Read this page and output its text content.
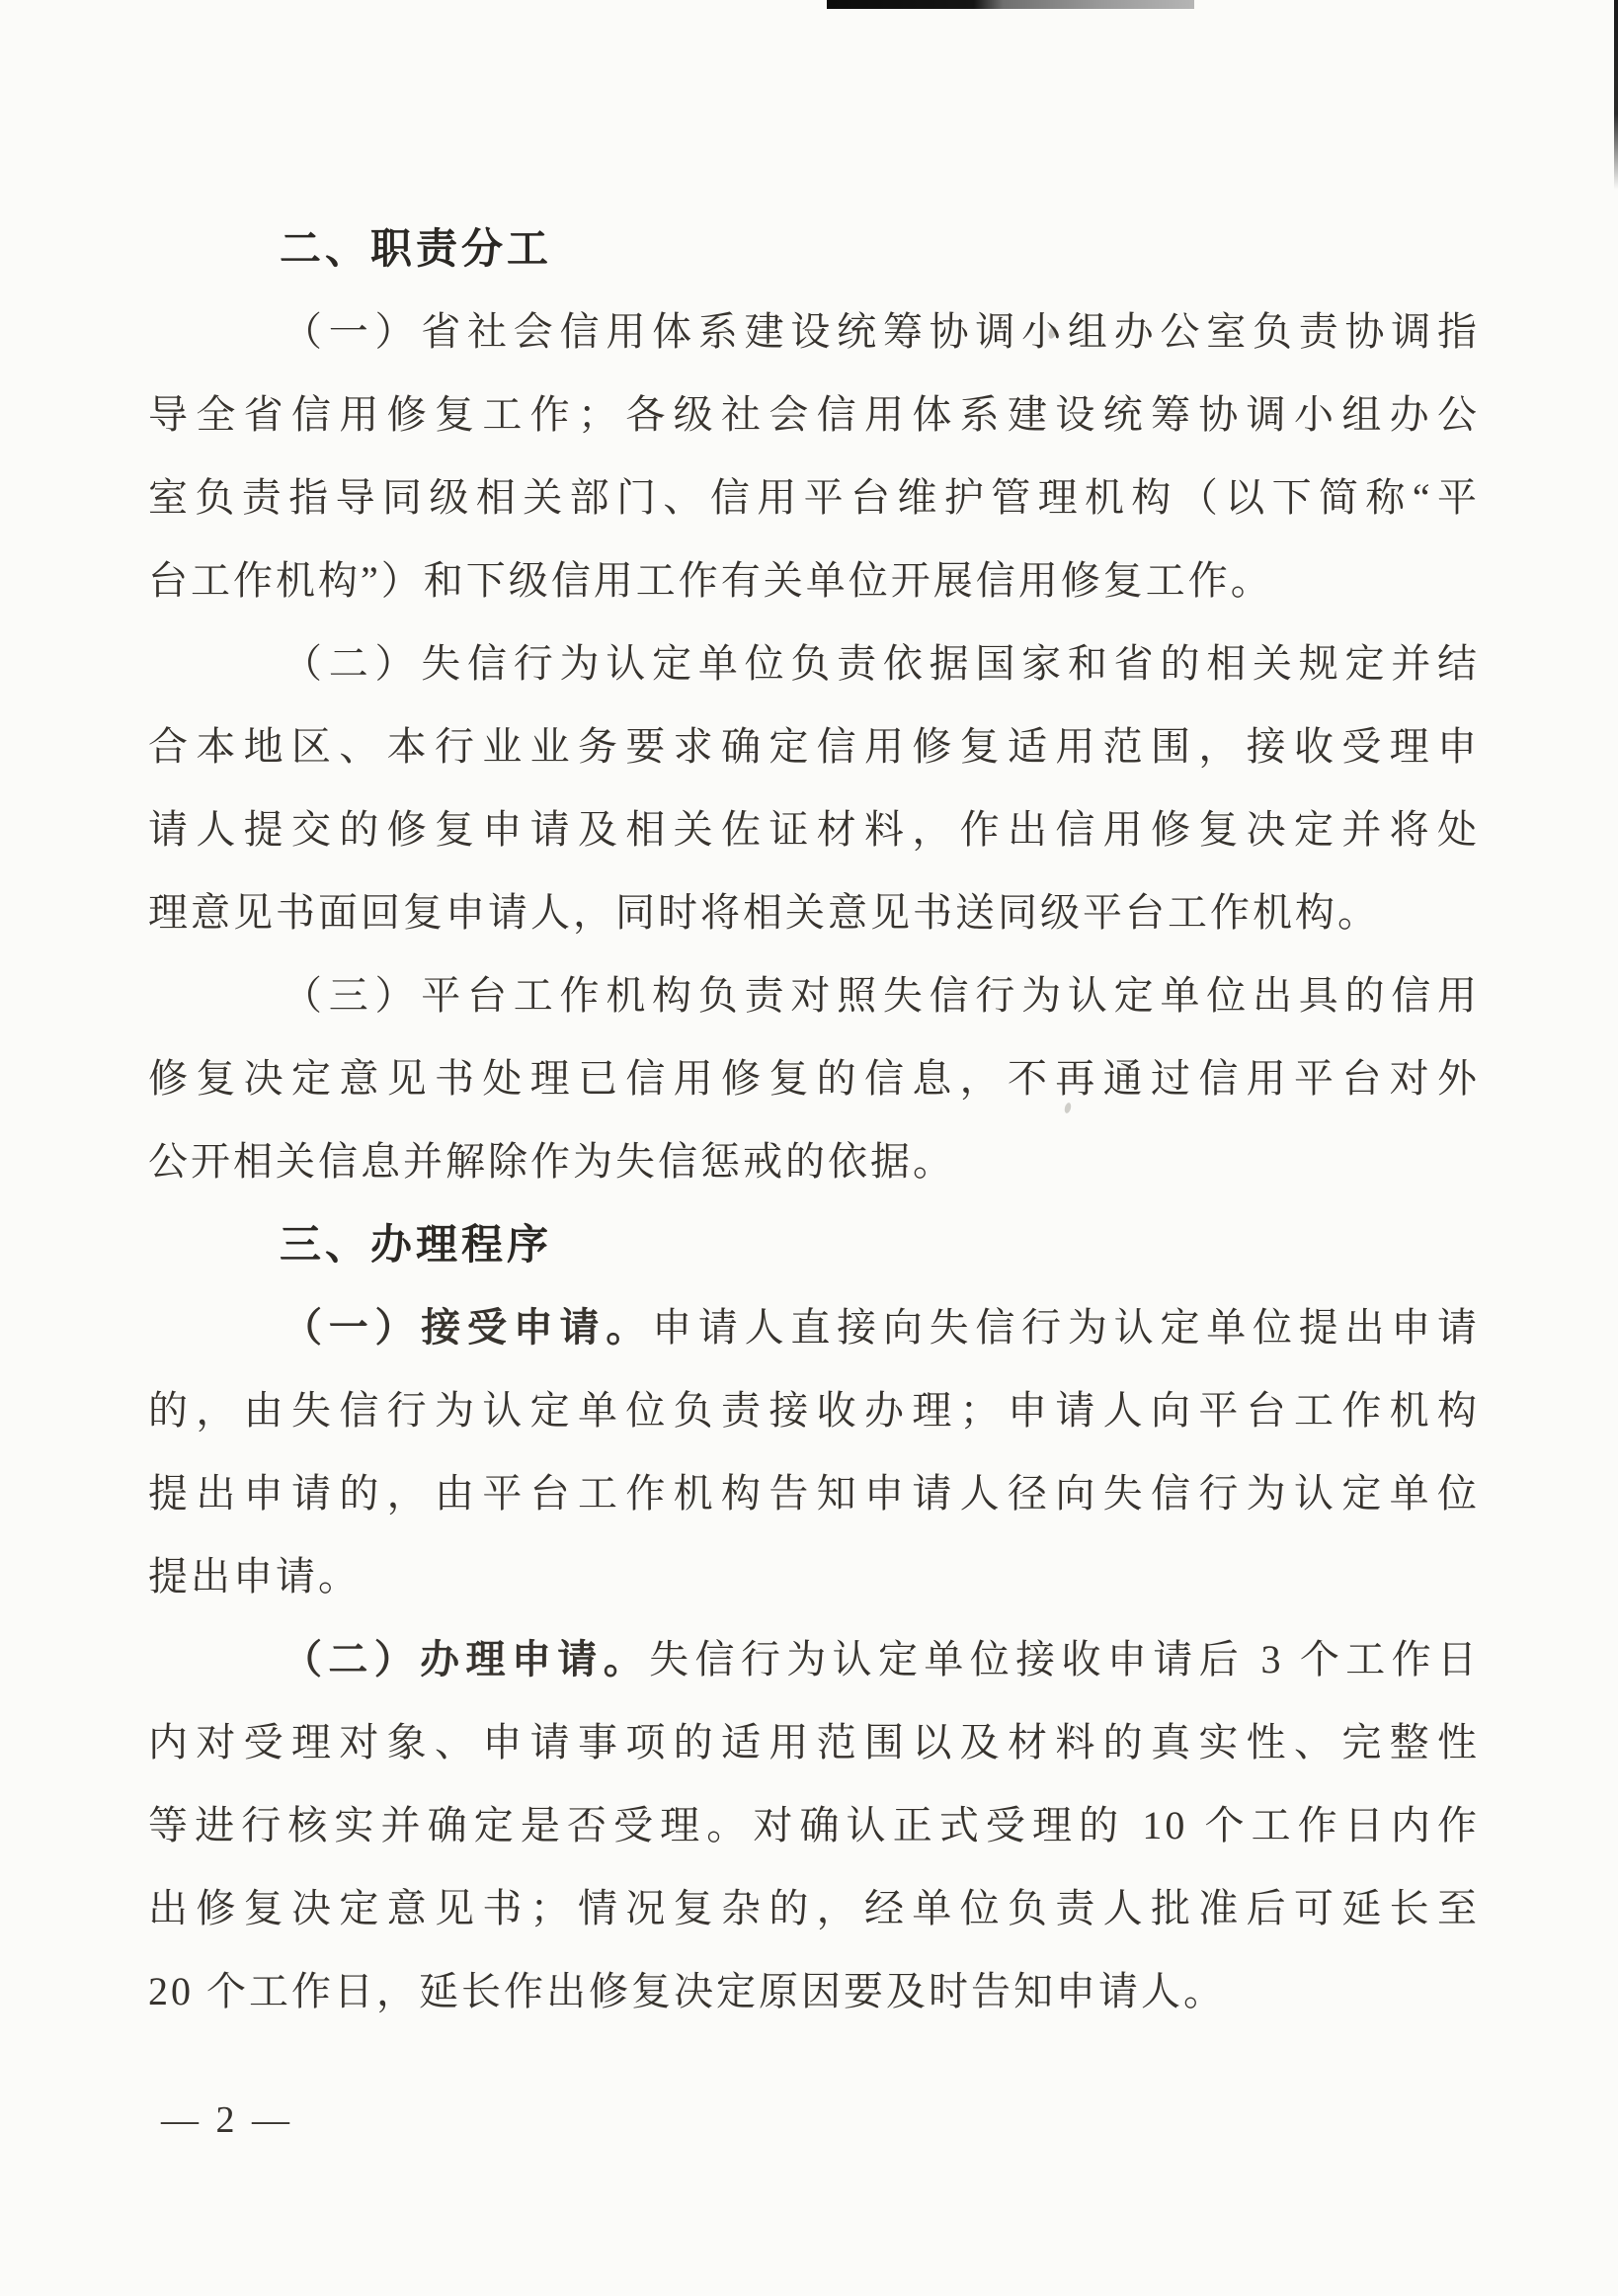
二、职责分工
（一）省社会信用体系建设统筹协调小组办公室负责协调指
导全省信用修复工作；各级社会信用体系建设统筹协调小组办公
室负责指导同级相关部门、信用平台维护管理机构（以下简称“平
台工作机构”）和下级信用工作有关单位开展信用修复工作。
（二）失信行为认定单位负责依据国家和省的相关规定并结
合本地区、本行业业务要求确定信用修复适用范围，接收受理申
请人提交的修复申请及相关佐证材料，作出信用修复决定并将处
理意见书面回复申请人，同时将相关意见书送同级平台工作机构。
（三）平台工作机构负责对照失信行为认定单位出具的信用
修复决定意见书处理已信用修复的信息，不再通过信用平台对外
公开相关信息并解除作为失信惩戒的依据。
三、办理程序
（一）接受申请。申请人直接向失信行为认定单位提出申请
的，由失信行为认定单位负责接收办理；申请人向平台工作机构
提出申请的，由平台工作机构告知申请人径向失信行为认定单位
提出申请。
（二）办理申请。失信行为认定单位接收申请后 3 个工作日
内对受理对象、申请事项的适用范围以及材料的真实性、完整性
等进行核实并确定是否受理。对确认正式受理的 10 个工作日内作
出修复决定意见书；情况复杂的，经单位负责人批准后可延长至
20 个工作日，延长作出修复决定原因要及时告知申请人。
— 2 —
